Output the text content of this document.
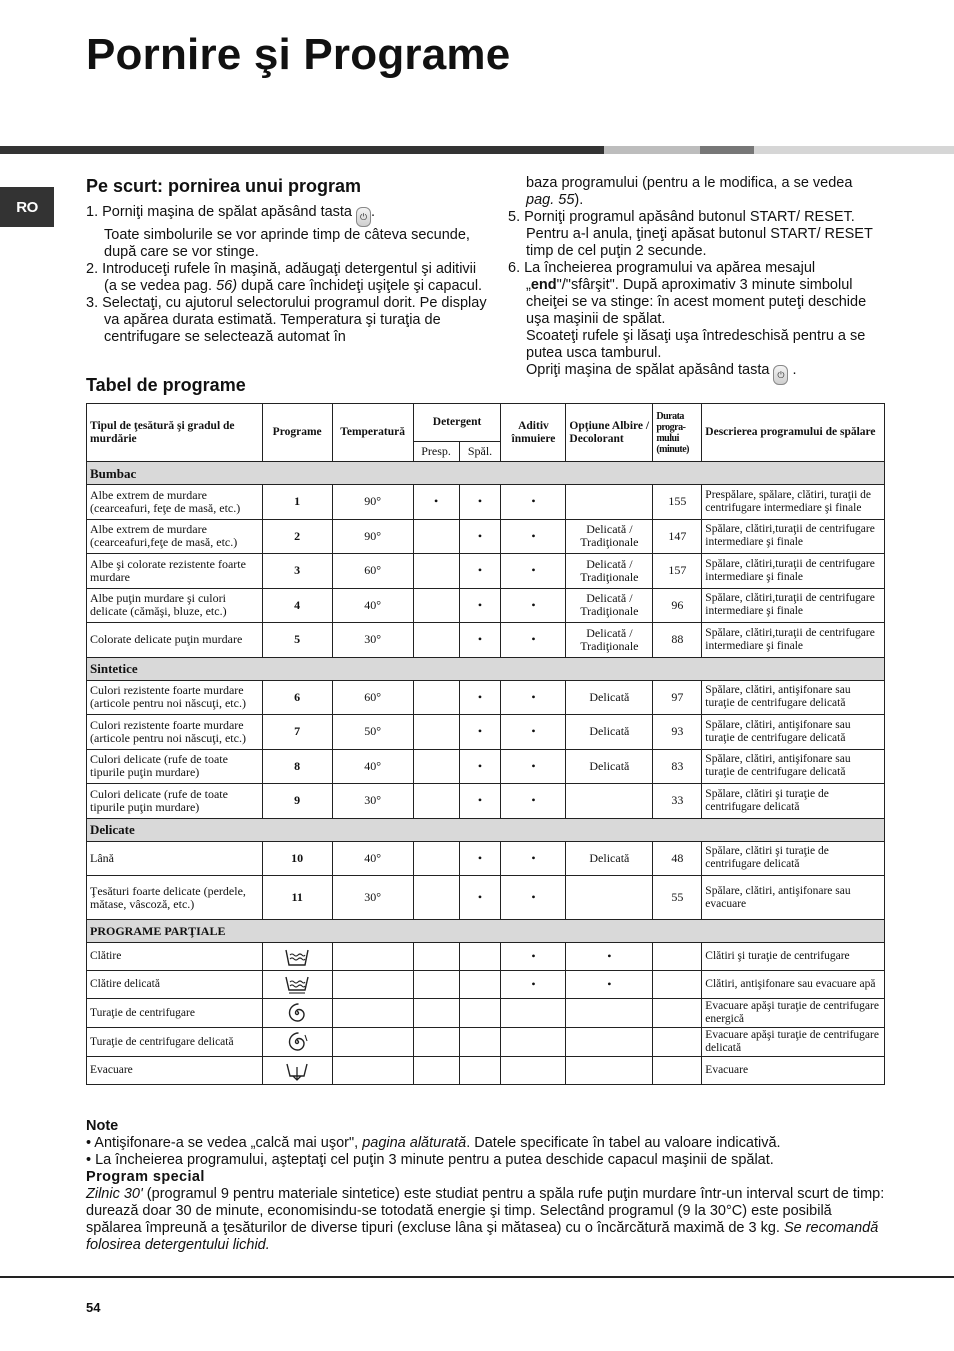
Pornire şi Programe
RO
Pe scurt: pornirea unui program

1. Porniţi maşina de spălat apăsând tasta ⏻ .

Toate simbolurile se vor aprinde timp de câteva secunde, după care se vor stinge.

2. Introduceţi rufele în maşină, adăugaţi detergentul şi aditivii (a se vedea pag. 56) după care închideţi uşiţele şi capacul.

3. Selectaţi, cu ajutorul selectorului programul dorit. Pe display va apărea durata estimată. Temperatura şi turaţia de centrifugare se selectează automat în

Tabel de programe

baza programului (pentru a le modifica, a se vedea pag. 55).

5. Porniţi programul apăsând butonul START/ RESET.

Pentru a-l anula, ţineţi apăsat butonul START/ RESET timp de cel puţin 2 secunde.

6. La încheierea programului va apărea mesajul „end"/"sfârşit". După aproximativ 3 minute simbolul cheiţei se va stinge: în acest moment puteţi deschide uşa maşinii de spălat.

Scoateţi rufele şi lăsaţi uşa întredeschisă pentru a se putea usca tamburul.

Opriţi maşina de spălat apăsând tasta ⏻ .

Tipul de ţesătură şi gradul de murdărie	Programe	Temperatură	Detergent		Aditiv înmuiere	Opţiune Albire / Decolorant	Durata progra-mului (minute)	Descrierea programului de spălare
			Presp.	Spăl.				
Bumbac								
Albe extrem de murdare (cearceafuri, feţe de masă, etc.)	1	90°	•	•	•		155	Prespălare, spălare, clătiri, turaţii de centrifugare intermediare şi finale
Albe extrem de murdare (cearceafuri,feţe de masă, etc.)	2	90°		•	•	Delicată / Tradiţionale	147	Spălare, clătiri,turaţii de centrifugare intermediare şi finale
Albe şi colorate rezistente foarte murdare	3	60°		•	•	Delicată / Tradiţionale	157	Spălare, clătiri,turaţii de centrifugare intermediare şi finale
Albe puţin murdare şi culori delicate (cămăşi, bluze, etc.)	4	40°		•	•	Delicată / Tradiţionale	96	Spălare, clătiri,turaţii de centrifugare intermediare şi finale
Colorate delicate puţin murdare	5	30°		•	•	Delicată / Tradiţionale	88	Spălare, clătiri,turaţii de centrifugare intermediare şi finale
Sintetice								
Culori rezistente foarte murdare (articole pentru noi născuţi, etc.)	6	60°		•	•	Delicată	97	Spălare, clătiri, antişifonare sau turaţie de centrifugare delicată
Culori rezistente foarte murdare (articole pentru noi născuţi, etc.)	7	50°		•	•	Delicată	93	Spălare, clătiri, antişifonare sau turaţie de centrifugare delicată
Culori delicate (rufe de toate tipurile puţin murdare)	8	40°		•	•	Delicată	83	Spălare, clătiri, antişifonare sau turaţie de centrifugare delicată
Culori delicate (rufe de toate tipurile puţin murdare)	9	30°		•	•		33	Spălare, clătiri şi turaţie de centrifugare delicată
Delicate								
Lână	10	40°		•	•	Delicată	48	Spălare, clătiri şi turaţie de centrifugare delicată
Ţesături foarte delicate (perdele, mătase, vâscoză, etc.)	11	30°		•	•		55	Spălare, clătiri, antişifonare sau evacuare
PROGRAME PARŢIALE								
Clătire					•	•		Clătiri şi turaţie de centrifugare
Clătire delicată					•	•		Clătiri, antişifonare sau evacuare apă
Turaţie de centrifugare								Evacuare apăşi turaţie de centrifugare energică
Turaţie de centrifugare delicată								Evacuare apăşi turaţie de centrifugare delicată
Evacuare								Evacuare

Note

• Antişifonare-a se vedea „calcă mai uşor", pagina alăturată. Datele specificate în tabel au valoare indicativă.

• La încheierea programului, aşteptaţi cel puţin 3 minute pentru a putea deschide capacul maşinii de spălat.

Program special

Zilnic 30' (programul 9 pentru materiale sintetice) este studiat pentru a spăla rufe puţin murdare într-un interval scurt de timp: durează doar 30 de minute, economisindu-se totodată energie şi timp. Selectând programul (9 la 30°C) este posibilă spălarea împreună a ţesăturilor de diverse tipuri (excluse lâna şi mătasea) cu o încărcătură maximă de 3 kg. Se recomandă folosirea detergentului lichid.

54
